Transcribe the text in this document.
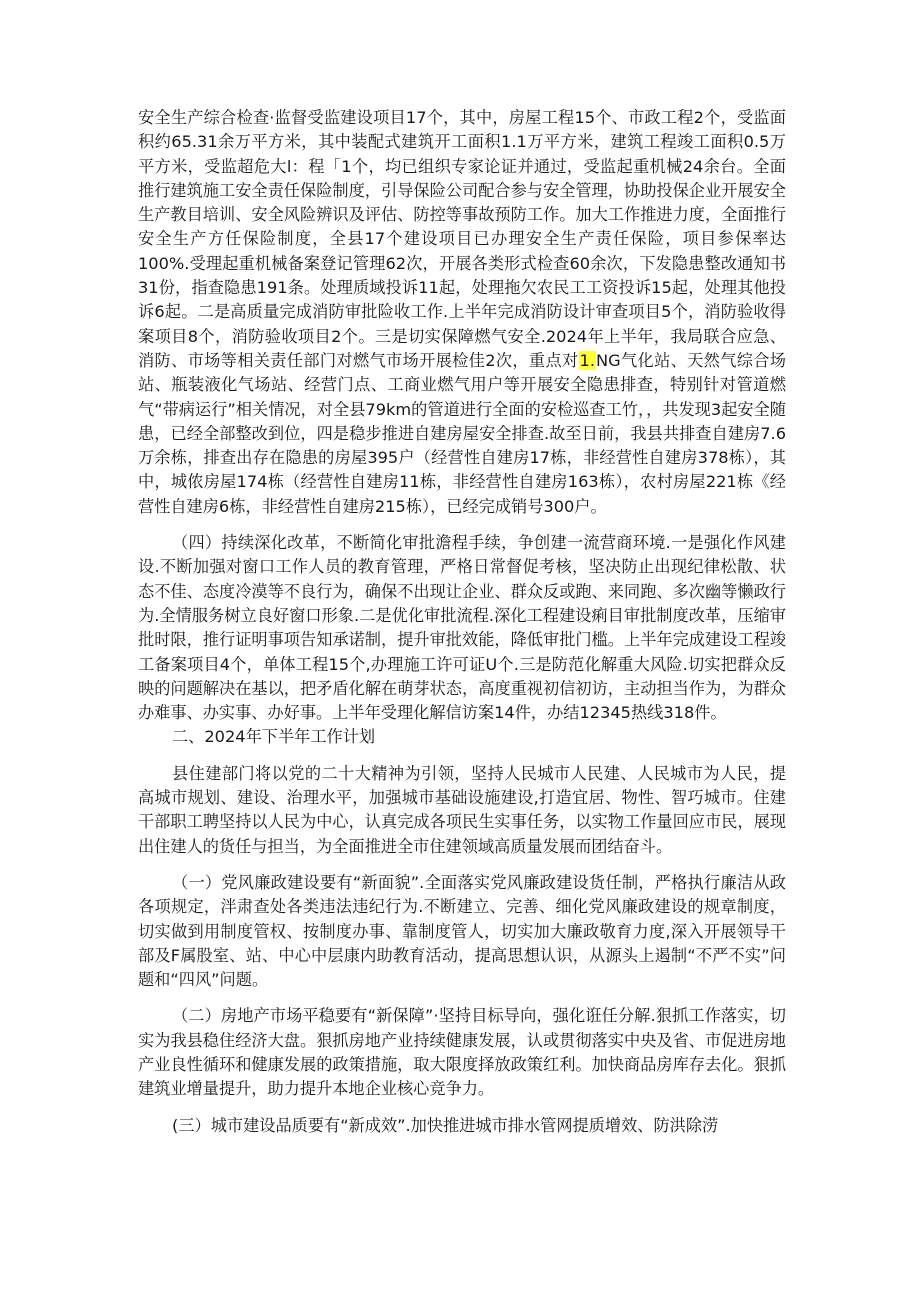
安全生产综合检查·监督受监建设项目17个，其中，房屋工程15个、市政工程2个，受监面积约65.31余万平方米，其中装配式建筑开工面积1.1万平方米，建筑工程竣工面积0.5万平方米，受监超危大l：程「1个，均已组织专家论证并通过，受监起重机械24余台。全面推行建筑施工安全责任保险制度，引导保险公司配合参与安全管理，协助投保企业开展安全生产教目培训、安全风险辨识及评估、防控等事故预防工作。加大工作推进力度，全面推行安全生产方任保险制度，全县17个建设项目已办理安全生产责任保险，项目参保率达100%.受理起重机械备案登记管理62次，开展各类形式检查60余次，下发隐患整改通知书31份，指查隐患191条。处理质域投诉11起，处理拖欠农民工工资投诉15起，处理其他投诉6起。二是高质量完成消防审批险收工作.上半年完成消防设计审查项目5个，消防验收得案项目8个，消防验收项目2个。三是切实保障燃气安全.2024年上半年，我局联合应急、消防、市场等相关责任部门对燃气市场开展检佳2次，重点对1.NG气化站、天然气综合场站、瓶装液化气场站、经营门点、工商业燃气用户等开展安全隐患排查，特别针对管道燃气“带病运行”相关情况，对全县79km的管道进行全面的安检巡查工竹，，共发现3起安全随患，已经全部整改到位，四是稳步推进自建房屋安全排查.故至日前，我县共排查自建房7.6万余栋，排查出存在隐患的房屋395户（经营性自建房17栋，非经营性自建房378栋），其中，城侬房屋174栋（经营性自建房11栋，非经营性自建房163栋），农村房屋221栋《经营性自建房6栋，非经营性自建房215栋），已经完成销号300户。

（四）持续深化改革，不断简化审批澹程手续，争创建一流营商环境.一是强化作风建设.不断加强对窗口工作人员的教育管理，严格日常督促考核，坚决防止出现纪律松散、状态不佳、态度冷漠等不良行为，确保不出现让企业、群众反或跑、来同跑、多次幽等懒政行为.全情服务树立良好窗口形象.二是优化审批流程.深化工程建设痢目审批制度改革，压缩审批时限，推行证明事项告知承诺制，提升审批效能，降低审批门槛。上半年完成建设工程竣工备案项目4个，单体工程15个,办理施工许可证U个.三是防范化解重大风险.切实把群众反映的问题解决在基以，把矛盾化解在萌芽状态，高度重视初信初访，主动担当作为，为群众办难事、办实事、办好事。上半年受理化解信访案14件，办结12345热线318件。

二、2024年下半年工作计划

县住建部门将以党的二十大精神为引领，坚持人民城市人民建、人民城市为人民，提高城市规划、建设、治理水平，加强城市基础设施建设,打造宜居、物性、智巧城市。住建干部职工聘坚持以人民为中心，认真完成各项民生实事任务，以实物工作量回应市民，展现出住建人的货任与担当，为全面推进全市住建领域高质量发展而团结奋斗。

（一）党风廉政建设要有“新面貌”.全面落实党风廉政建设货任制，严格执行廉洁从政各项规定，泮肃查处各类违法违纪行为.不断建立、完善、细化党风廉政建设的规章制度，切实做到用制度管权、按制度办事、靠制度管人，切实加大廉政敬育力度,深入开展领导干部及F属股室、站、中心中层康内助教育活动，提高思想认识，从源头上遏制“不严不实”问题和“四风”问题。

（二）房地产市场平稳要有“新保障”·坚持目标导向，强化诳任分解.狠抓工作落实，切实为我县稳住经济大盘。狠抓房地产业持续健康发展，认或贯彻落实中央及省、市促进房地产业良性循环和健康发展的政策措施，取大限度择放政策红利。加快商品房库存去化。狠抓建筑业增量提升，助力提升本地企业核心竞争力。

(三）城市建设品质要有“新成效”.加快推进城市排水管网提质增效、防洪除涝
